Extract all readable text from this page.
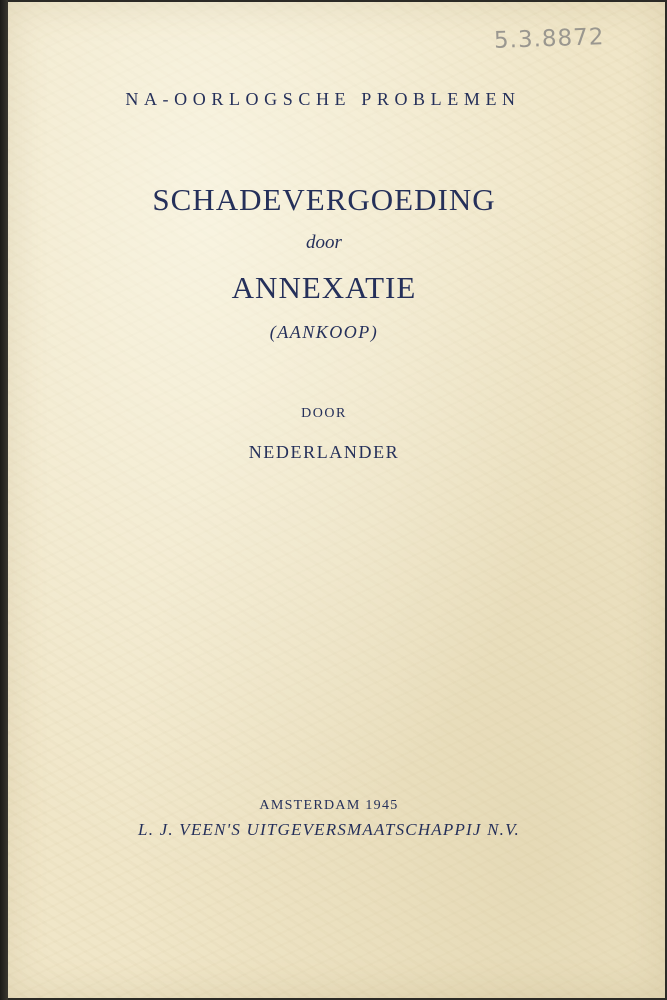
5.3.8872
NA-OORLOGSCHE PROBLEMEN
SCHADEVERGOEDING
door
ANNEXATIE
(AANKOOP)
DOOR
NEDERLANDER
AMSTERDAM 1945
L. J. VEEN'S UITGEVERSMAATSCHAPPIJ N.V.
